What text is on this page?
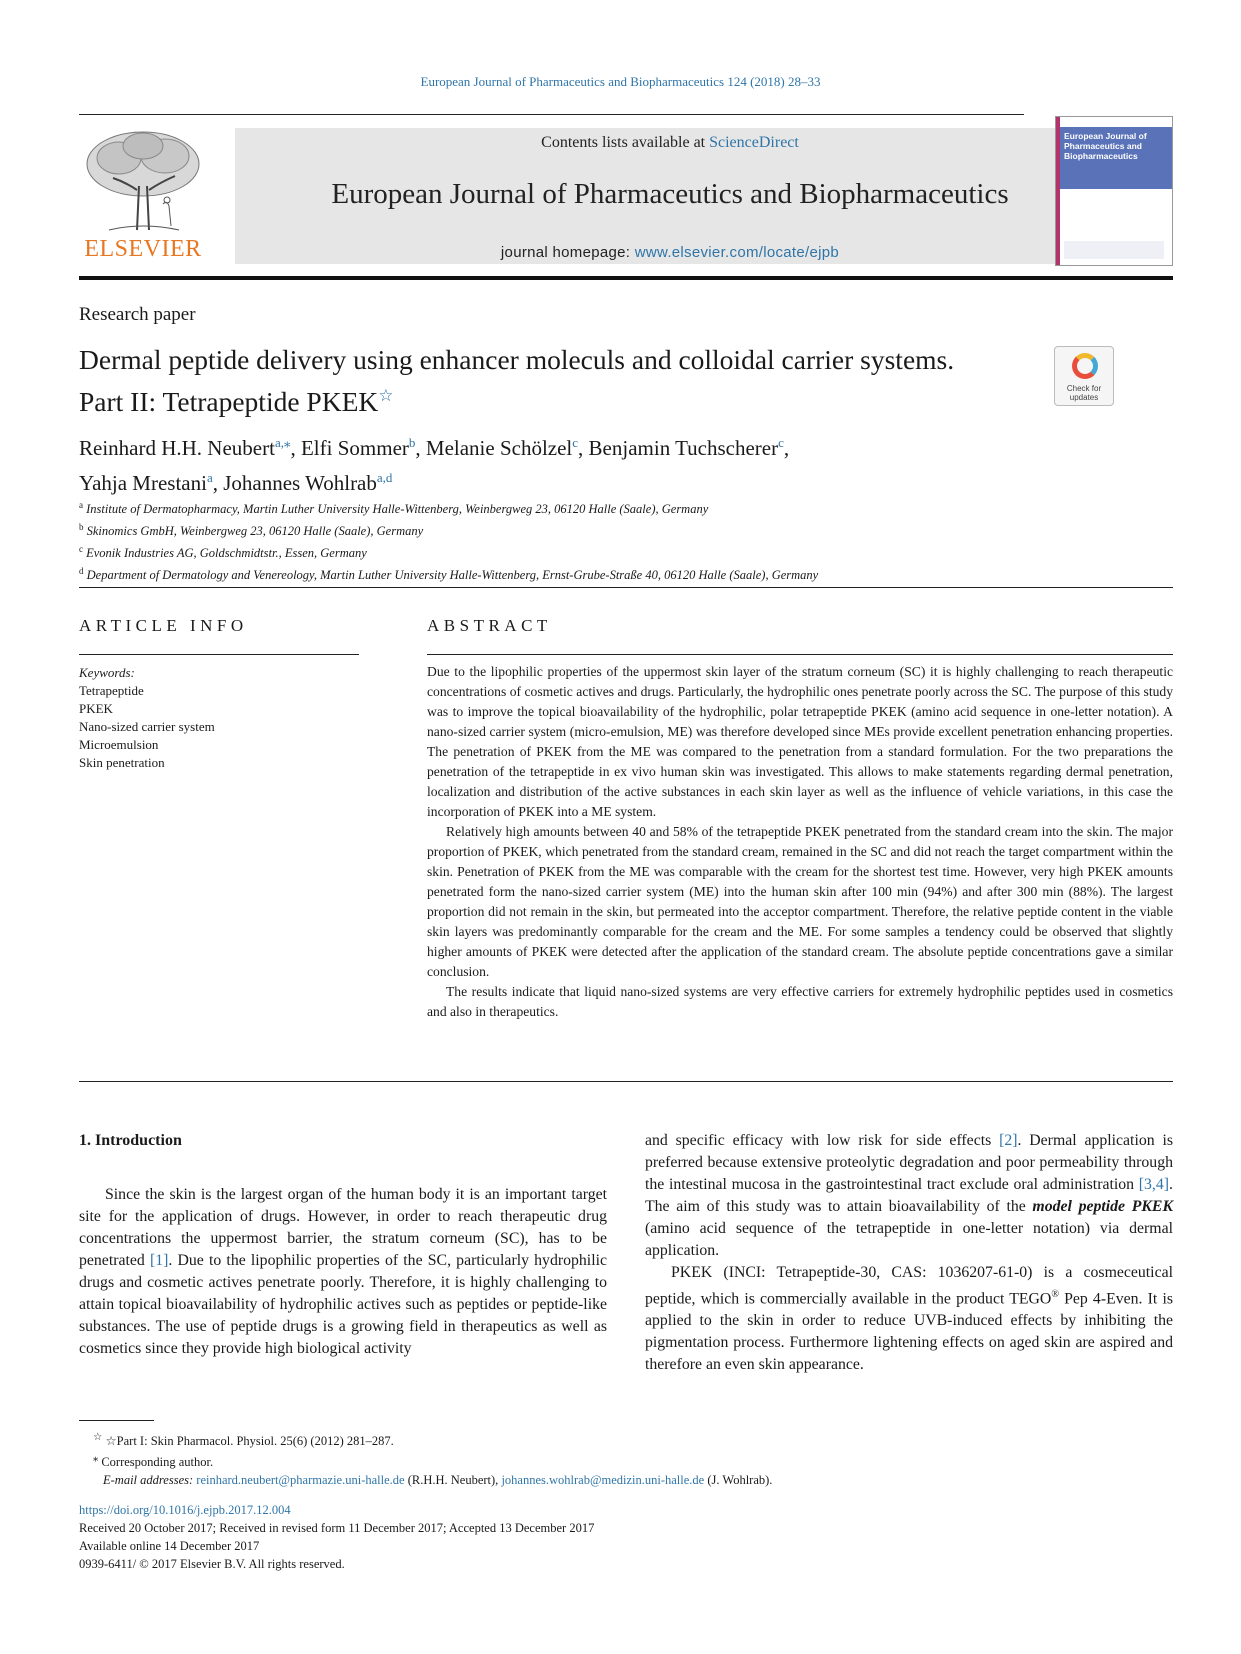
European Journal of Pharmaceutics and Biopharmaceutics 124 (2018) 28–33
ELSEVIER
Contents lists available at ScienceDirect
European Journal of Pharmaceutics and Biopharmaceutics
journal homepage: www.elsevier.com/locate/ejpb
European Journal of Pharmaceutics and Biopharmaceutics
Research paper
Dermal peptide delivery using enhancer moleculs and colloidal carrier systems. Part II: Tetrapeptide PKEK☆	Check for updates
Reinhard H.H. Neubert$^{a,⁎}$, Elfi Sommer$^b$, Melanie Schölzel$^c$, Benjamin Tuchscherer$^c$,
Yahja Mrestani$^a$, Johannes Wohlrab$^{a,d}$
$^a$ Institute of Dermatopharmacy, Martin Luther University Halle-Wittenberg, Weinbergweg 23, 06120 Halle (Saale), Germany
$^b$ Skinomics GmbH, Weinbergweg 23, 06120 Halle (Saale), Germany
$^c$ Evonik Industries AG, Goldschmidtstr., Essen, Germany
$^d$ Department of Dermatology and Venereology, Martin Luther University Halle-Wittenberg, Ernst-Grube-Straße 40, 06120 Halle (Saale), Germany
ARTICLE INFO
Keywords:
Tetrapeptide
PKEK
Nano-sized carrier system
Microemulsion
Skin penetration
ABSTRACT

Due to the lipophilic properties of the uppermost skin layer of the stratum corneum (SC) it is highly challenging to reach therapeutic concentrations of cosmetic actives and drugs. Particularly, the hydrophilic ones penetrate poorly across the SC. The purpose of this study was to improve the topical bioavailability of the hydrophilic, polar tetrapeptide PKEK (amino acid sequence in one-letter notation). A nano-sized carrier system (micro-emulsion, ME) was therefore developed since MEs provide excellent penetration enhancing properties. The penetration of PKEK from the ME was compared to the penetration from a standard formulation. For the two preparations the penetration of the tetrapeptide in ex vivo human skin was investigated. This allows to make statements regarding dermal penetration, localization and distribution of the active substances in each skin layer as well as the influence of vehicle variations, in this case the incorporation of PKEK into a ME system.

Relatively high amounts between 40 and 58% of the tetrapeptide PKEK penetrated from the standard cream into the skin. The major proportion of PKEK, which penetrated from the standard cream, remained in the SC and did not reach the target compartment within the skin. Penetration of PKEK from the ME was comparable with the cream for the shortest test time. However, very high PKEK amounts penetrated form the nano-sized carrier system (ME) into the human skin after 100 min (94%) and after 300 min (88%). The largest proportion did not remain in the skin, but permeated into the acceptor compartment. Therefore, the relative peptide content in the viable skin layers was predominantly comparable for the cream and the ME. For some samples a tendency could be observed that slightly higher amounts of PKEK were detected after the application of the standard cream. The absolute peptide concentrations gave a similar conclusion.

The results indicate that liquid nano-sized systems are very effective carriers for extremely hydrophilic peptides used in cosmetics and also in therapeutics.

1. Introduction

Since the skin is the largest organ of the human body it is an important target site for the application of drugs. However, in order to reach therapeutic drug concentrations the uppermost barrier, the stratum corneum (SC), has to be penetrated [1]. Due to the lipophilic properties of the SC, particularly hydrophilic drugs and cosmetic actives penetrate poorly. Therefore, it is highly challenging to attain topical bioavailability of hydrophilic actives such as peptides or peptide-like substances. The use of peptide drugs is a growing field in therapeutics as well as cosmetics since they provide high biological activity

and specific efficacy with low risk for side effects [2]. Dermal application is preferred because extensive proteolytic degradation and poor permeability through the intestinal mucosa in the gastrointestinal tract exclude oral administration [3,4]. The aim of this study was to attain bioavailability of the model peptide PKEK (amino acid sequence of the tetrapeptide in one-letter notation) via dermal application.

PKEK (INCI: Tetrapeptide-30, CAS: 1036207-61-0) is a cosmeceutical peptide, which is commercially available in the product TEGO® Pep 4-Even. It is applied to the skin in order to reduce UVB-induced effects by inhibiting the pigmentation process. Furthermore lightening effects on aged skin are aspired and therefore an even skin appearance.

☆ ☆Part I: Skin Pharmacol. Physiol. 25(6) (2012) 281–287.
⁎ Corresponding author.
E-mail addresses: reinhard.neubert@pharmazie.uni-halle.de (R.H.H. Neubert), johannes.wohlrab@medizin.uni-halle.de (J. Wohlrab).
https://doi.org/10.1016/j.ejpb.2017.12.004
Received 20 October 2017; Received in revised form 11 December 2017; Accepted 13 December 2017
Available online 14 December 2017
0939-6411/ © 2017 Elsevier B.V. All rights reserved.
